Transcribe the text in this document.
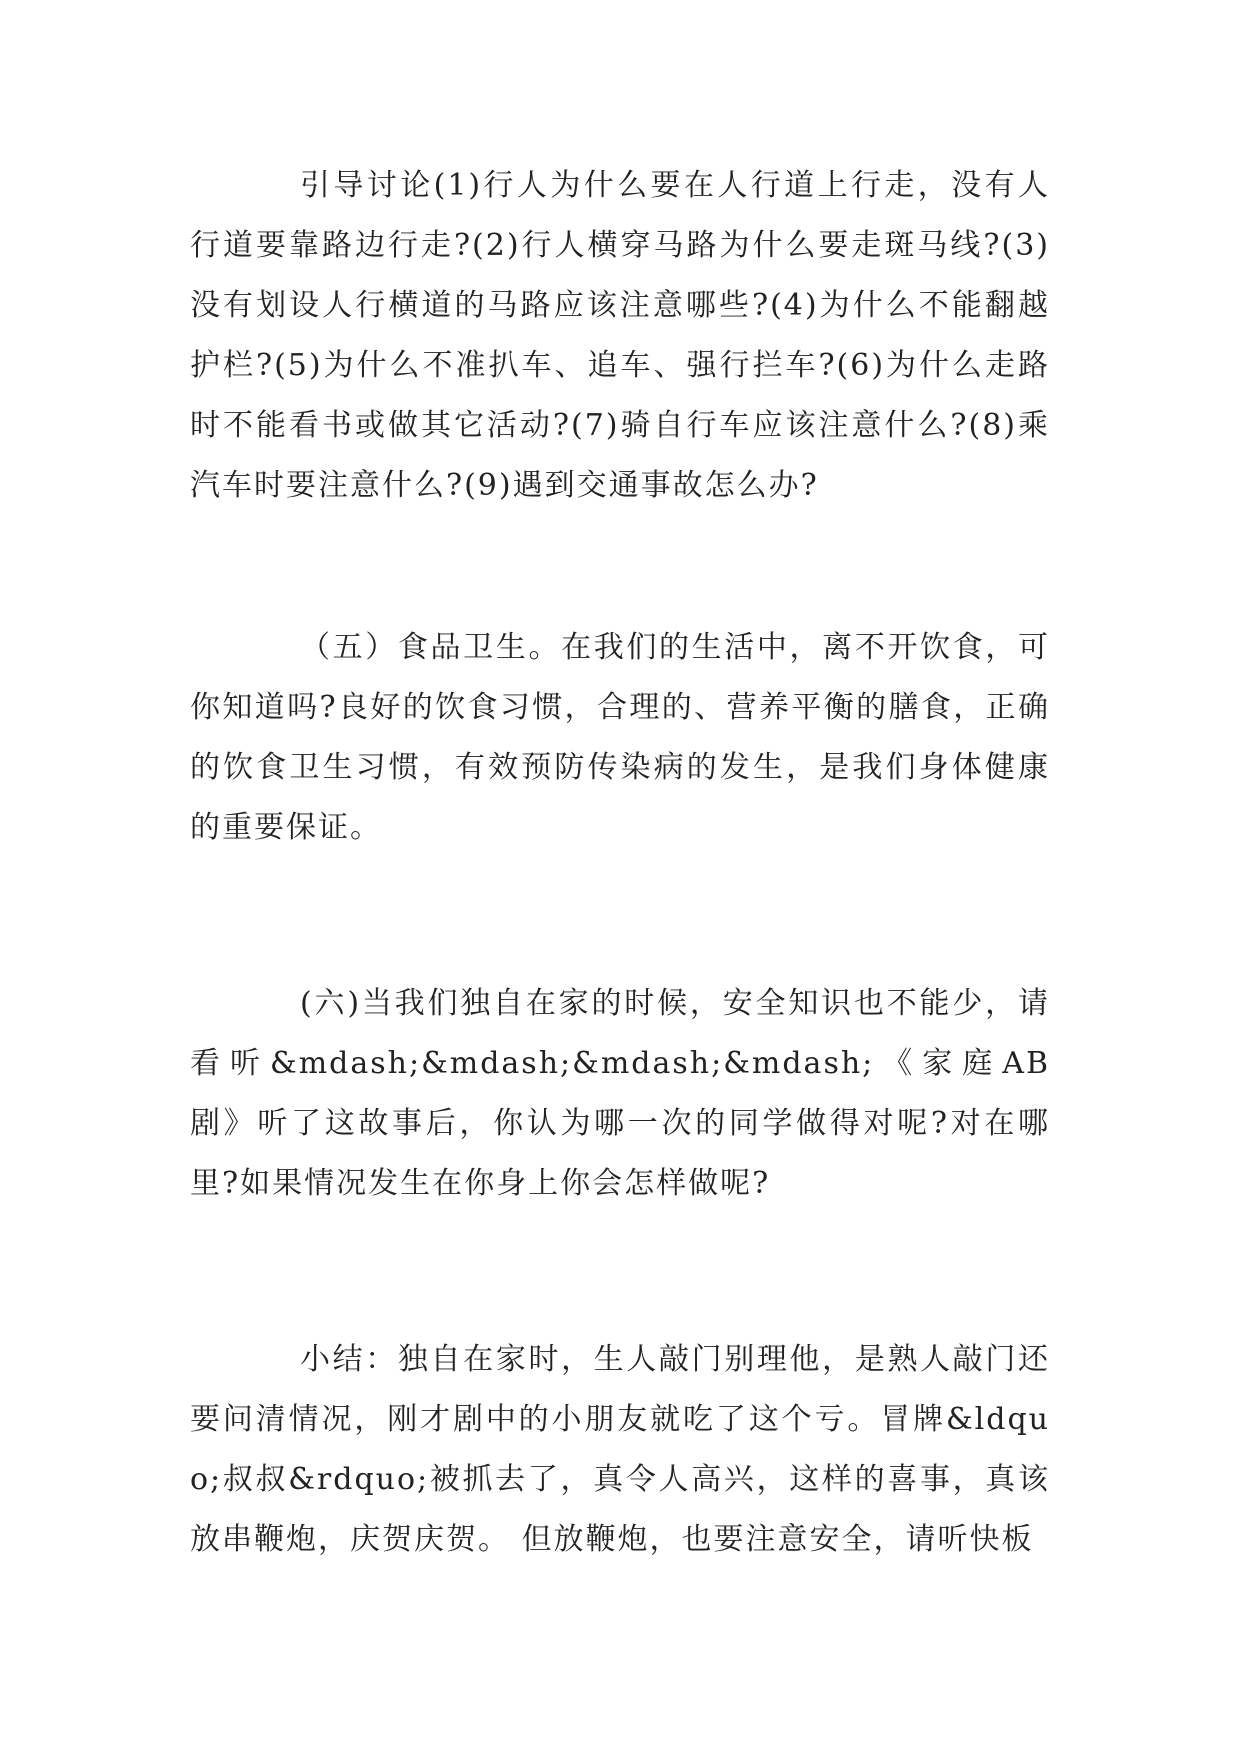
引导讨论(1)行人为什么要在人行道上行走，没有人行道要靠路边行走?(2)行人横穿马路为什么要走斑马线?(3)没有划设人行横道的马路应该注意哪些?(4)为什么不能翻越护栏?(5)为什么不准扒车、追车、强行拦车?(6)为什么走路时不能看书或做其它活动?(7)骑自行车应该注意什么?(8)乘汽车时要注意什么?(9)遇到交通事故怎么办?

（五）食品卫生。在我们的生活中，离不开饮食，可你知道吗?良好的饮食习惯，合理的、营养平衡的膳食，正确的饮食卫生习惯，有效预防传染病的发生，是我们身体健康的重要保证。

(六)当我们独自在家的时候，安全知识也不能少，请看听&mdash;&mdash;&mdash;&mdash;《家庭AB剧》听了这故事后，你认为哪一次的同学做得对呢?对在哪里?如果情况发生在你身上你会怎样做呢?

小结：独自在家时，生人敲门别理他，是熟人敲门还要问清情况，刚才剧中的小朋友就吃了这个亏。冒牌&ldquo;叔叔&rdquo;被抓去了，真令人高兴，这样的喜事，真该放串鞭炮，庆贺庆贺。 但放鞭炮，也要注意安全，请听快板
